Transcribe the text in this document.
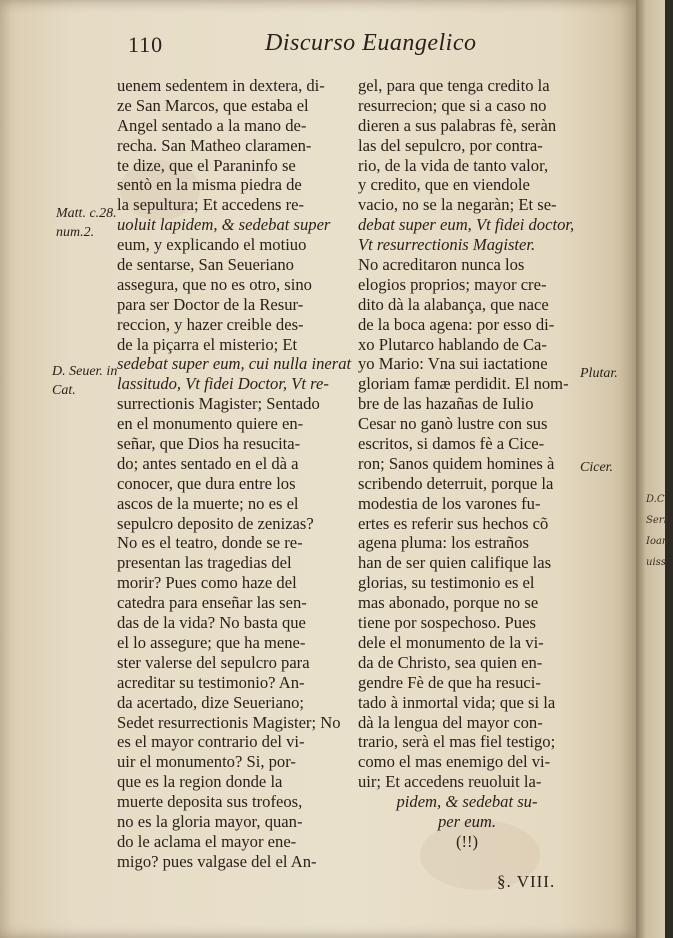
110	Discurso Euangelico
uenem sedentem in dextera, di-
ze San Marcos, que estaba el
Angel sentado a la mano de-
recha. San Matheo claramen-
te dize, que el Paraninfo se
sentò en la misma piedra de
la sepultura; Et accedens re-
uoluit lapidem, & sedebat super
eum, y explicando el motiuo
de sentarse, San Seueriano
assegura, que no es otro, sino
para ser Doctor de la Resur-
reccion, y hazer creible des-
de la piçarra el misterio; Et
sedebat super eum, cui nulla inerat
lassitudo, Vt fidei Doctor, Vt re-
surrectionis Magister; Sentado
en el monumento quiere en-
señar, que Dios ha resucita-
do; antes sentado en el dà a
conocer, que dura entre los
ascos de la muerte; no es el
sepulcro deposito de zenizas?
No es el teatro, donde se re-
presentan las tragedias del
morir? Pues como haze del
catedra para enseñar las sen-
das de la vida? No basta que
el lo assegure; que ha mene-
ster valerse del sepulcro para
acreditar su testimonio? An-
da acertado, dize Seueriano;
Sedet resurrectionis Magister; No
es el mayor contrario del vi-
uir el monumento? Si, por-
que es la region donde la
muerte deposita sus trofeos,
no es la gloria mayor, quan-
do le aclama el mayor ene-
migo? pues valgase del el An-
gel, para que tenga credito la
resurrecion; que si a caso no
dieren a sus palabras fè, seràn
las del sepulcro, por contra-
rio, de la vida de tanto valor,
y credito, que en viendole
vacio, no se la negaràn; Et se-
debat super eum, Vt fidei doctor,
Vt resurrectionis Magister.
No acreditaron nunca los
elogios proprios; mayor cre-
dito dà la alabança, que nace
de la boca agena: por esso di-
xo Plutarco hablando de Ca-
yo Mario: Vna sui iactatione
gloriam famæ perdidit. El nom-
bre de las hazañas de Iulio
Cesar no ganò lustre con sus
escritos, si damos fè a Cice-
ron; Sanos quidem homines à
scribendo deterruit, porque la
modestia de los varones fu-
ertes es referir sus hechos cõ
agena pluma: los estraños
han de ser quien califique las
glorias, su testimonio es el
mas abonado, porque no se
tiene por sospechoso. Pues
dele el monumento de la vi-
da de Christo, sea quien en-
gendre Fè de que ha resuci-
tado à inmortal vida; que si la
dà la lengua del mayor con-
trario, serà el mas fiel testigo;
como el mas enemigo del vi-
uir; Et accedens reuoluit la-
pidem, & sedebat su-
per eum.
(!!)
Matt. c.28.
num.2.
D. Seuer. in
Cat.
Plutar.
Cicer.
§. VIII.
D.C
Serm
Ioan
uiss
